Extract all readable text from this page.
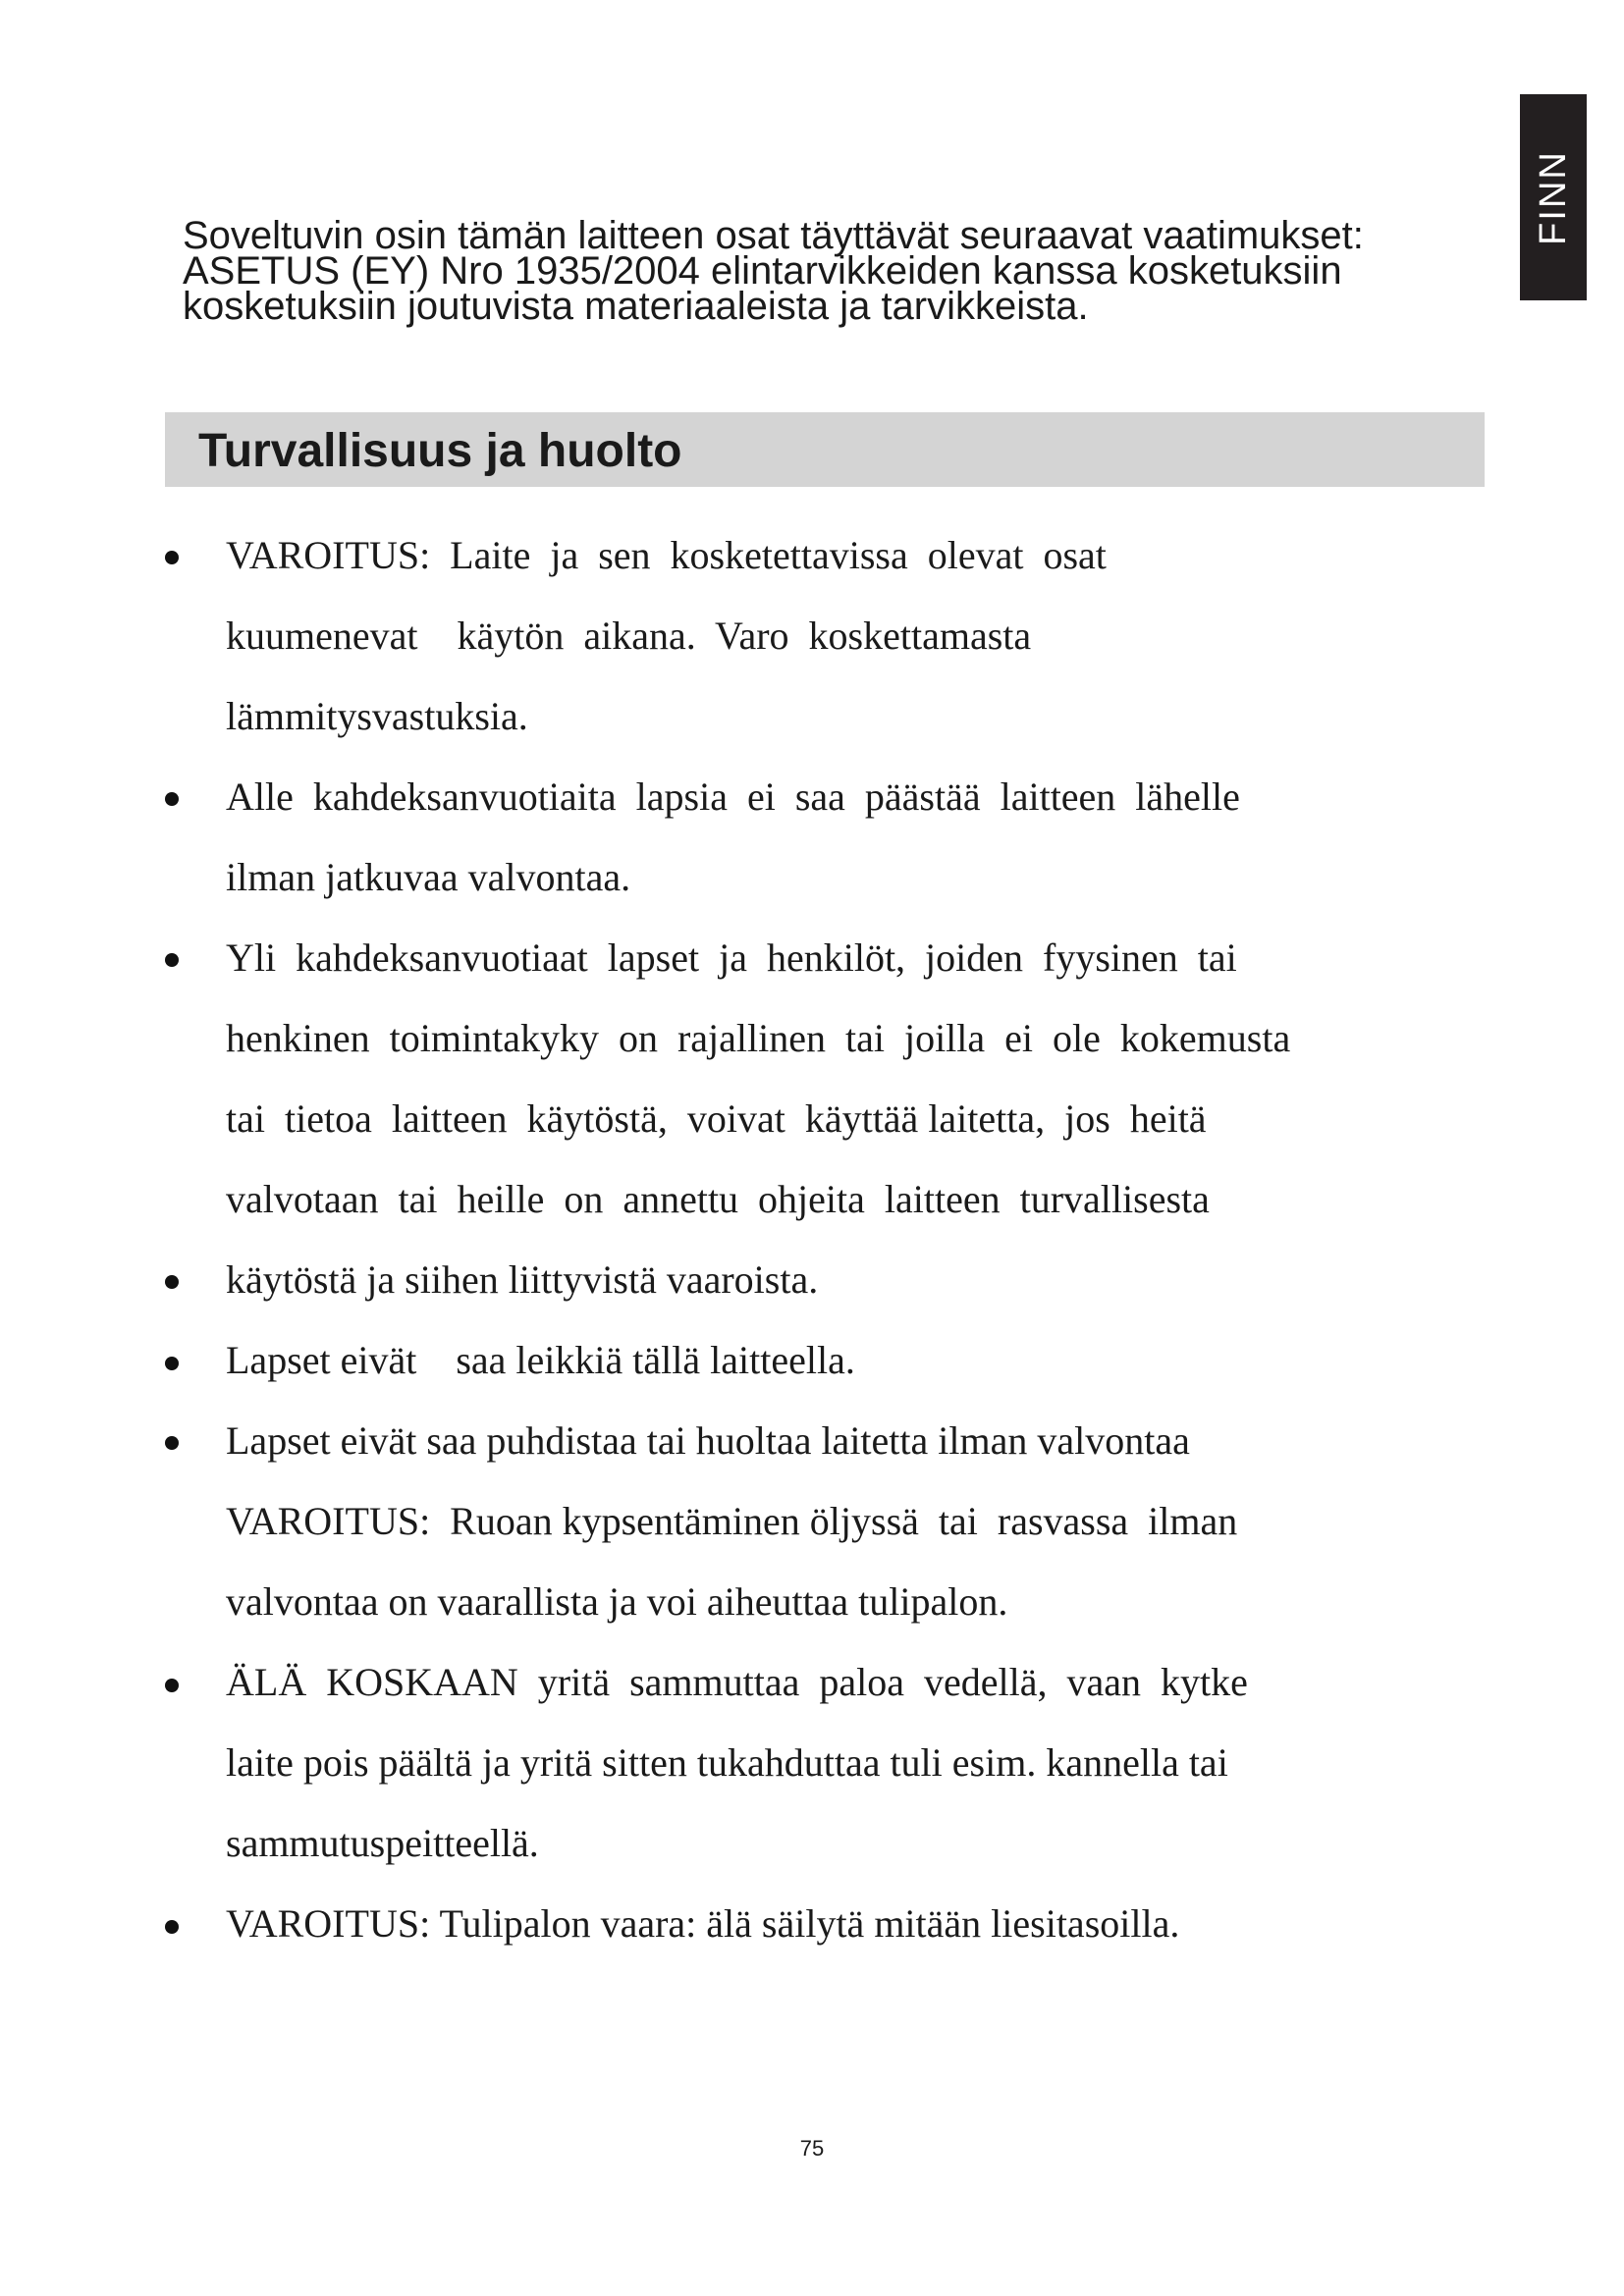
FINN
Soveltuvin osin tämän laitteen osat täyttävät seuraavat vaatimukset:
ASETUS (EY) Nro 1935/2004 elintarvikkeiden kanssa kosketuksiin
kosketuksiin joutuvista materiaaleista ja tarvikkeista.
Turvallisuus ja huolto
VAROITUS:  Laite  ja  sen  kosketettavissa  olevat  osat
kuumenevat    käytön  aikana.  Varo  koskettamasta
lämmitysvastuksia.
Alle  kahdeksanvuotiaita  lapsia  ei  saa  päästää  laitteen  lähelle
ilman jatkuvaa valvontaa.
Yli  kahdeksanvuotiaat  lapset  ja  henkilöt,  joiden  fyysinen  tai
henkinen  toimintakyky  on  rajallinen  tai  joilla  ei  ole  kokemusta
tai  tietoa  laitteen  käytöstä,  voivat  käyttää laitetta,  jos  heitä
valvotaan  tai  heille  on  annettu  ohjeita  laitteen  turvallisesta
käytöstä ja siihen liittyvistä vaaroista.
Lapset eivät    saa leikkiä tällä laitteella.
Lapset eivät saa puhdistaa tai huoltaa laitetta ilman valvontaa
VAROITUS:  Ruoan kypsentäminen öljyssä  tai  rasvassa  ilman
valvontaa on vaarallista ja voi aiheuttaa tulipalon.
ÄLÄ  KOSKAAN  yritä  sammuttaa  paloa  vedellä,  vaan  kytke
laite pois päältä ja yritä sitten tukahduttaa tuli esim. kannella tai
sammutuspeitteellä.
VAROITUS: Tulipalon vaara: älä säilytä mitään liesitasoilla.
75
